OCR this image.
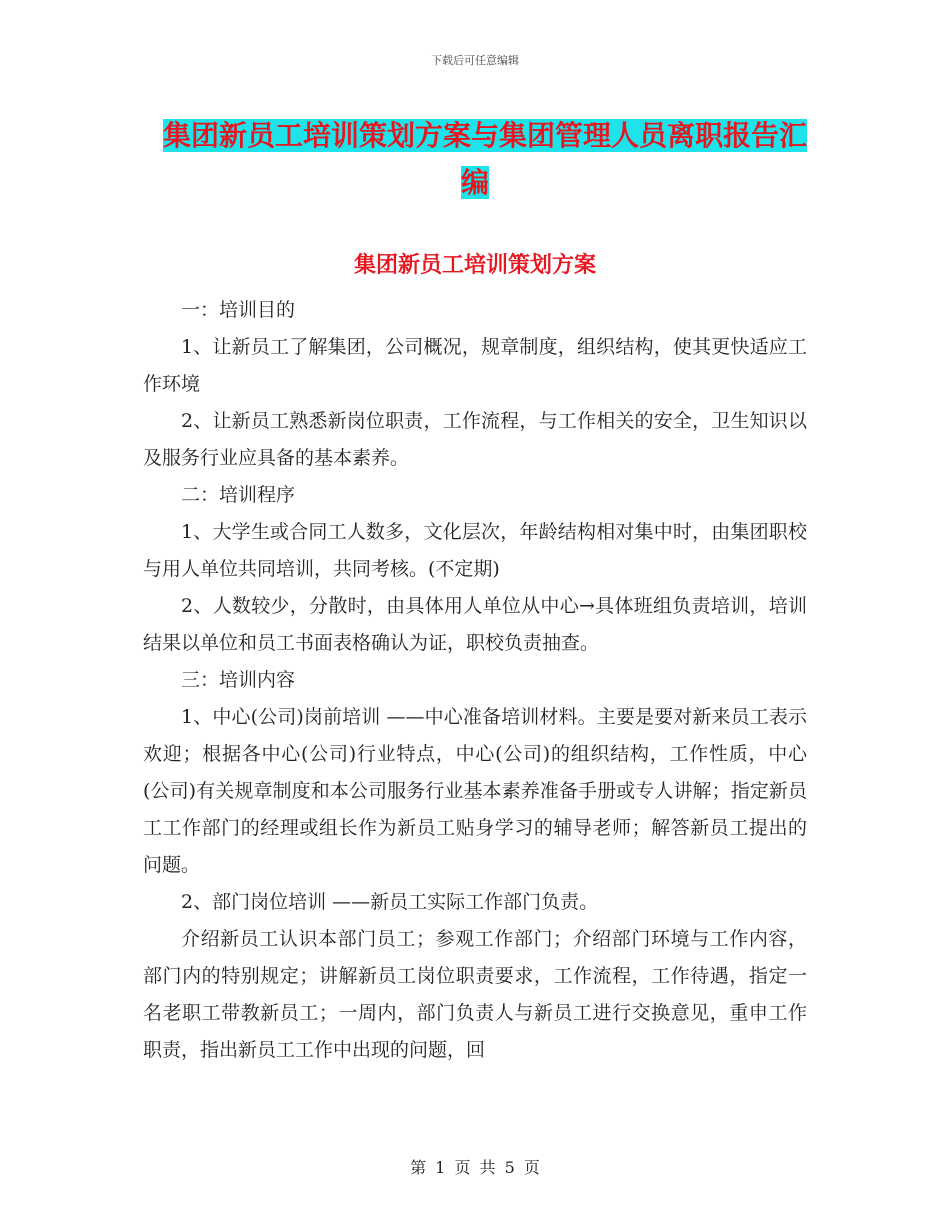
下载后可任意编辑
集团新员工培训策划方案与集团管理人员离职报告汇
编
集团新员工培训策划方案

一：培训目的

1、让新员工了解集团，公司概况，规章制度，组织结构，使其更快适应工作环境

2、让新员工熟悉新岗位职责，工作流程，与工作相关的安全，卫生知识以及服务行业应具备的基本素养。

二：培训程序

1、大学生或合同工人数多，文化层次，年龄结构相对集中时，由集团职校与用人单位共同培训，共同考核。(不定期)

2、人数较少，分散时，由具体用人单位从中心→具体班组负责培训，培训结果以单位和员工书面表格确认为证，职校负责抽查。

三：培训内容

1、中心(公司)岗前培训 ——中心准备培训材料。主要是要对新来员工表示欢迎；根据各中心(公司)行业特点，中心(公司)的组织结构，工作性质，中心(公司)有关规章制度和本公司服务行业基本素养准备手册或专人讲解；指定新员工工作部门的经理或组长作为新员工贴身学习的辅导老师；解答新员工提出的问题。

2、部门岗位培训 ——新员工实际工作部门负责。

介绍新员工认识本部门员工；参观工作部门；介绍部门环境与工作内容，部门内的特别规定；讲解新员工岗位职责要求，工作流程，工作待遇，指定一名老职工带教新员工；一周内，部门负责人与新员工进行交换意见，重申工作职责，指出新员工工作中出现的问题，回

第 1 页 共 5 页
